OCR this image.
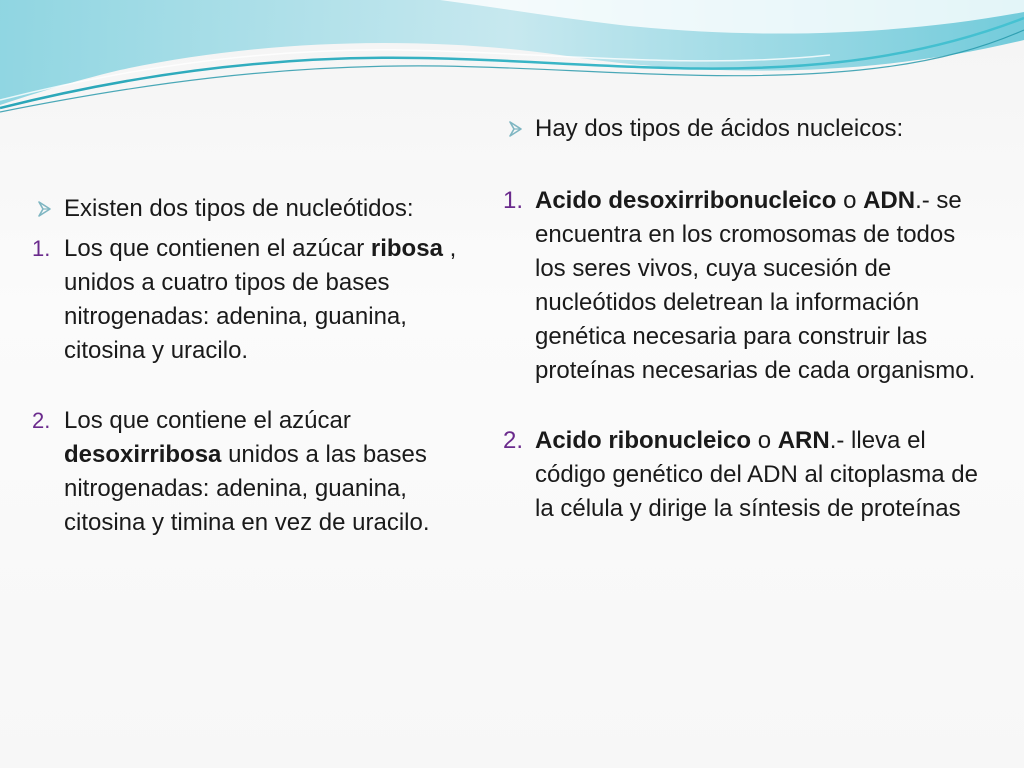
Existen dos tipos de nucleótidos:
1. Los que contienen el azúcar ribosa , unidos a cuatro tipos de bases nitrogenadas: adenina, guanina, citosina y uracilo.
2. Los que contiene el azúcar desoxirribosa unidos a las bases nitrogenadas: adenina, guanina, citosina y timina en vez de uracilo.
Hay dos tipos de ácidos nucleicos:
1. Acido desoxirribonucleico o ADN.- se encuentra en los cromosomas de todos los seres vivos, cuya sucesión de nucleótidos deletrean la información genética necesaria para construir las proteínas necesarias de cada organismo.
2. Acido ribonucleico o ARN.- lleva el código genético del ADN al citoplasma de la célula y dirige la síntesis de proteínas
